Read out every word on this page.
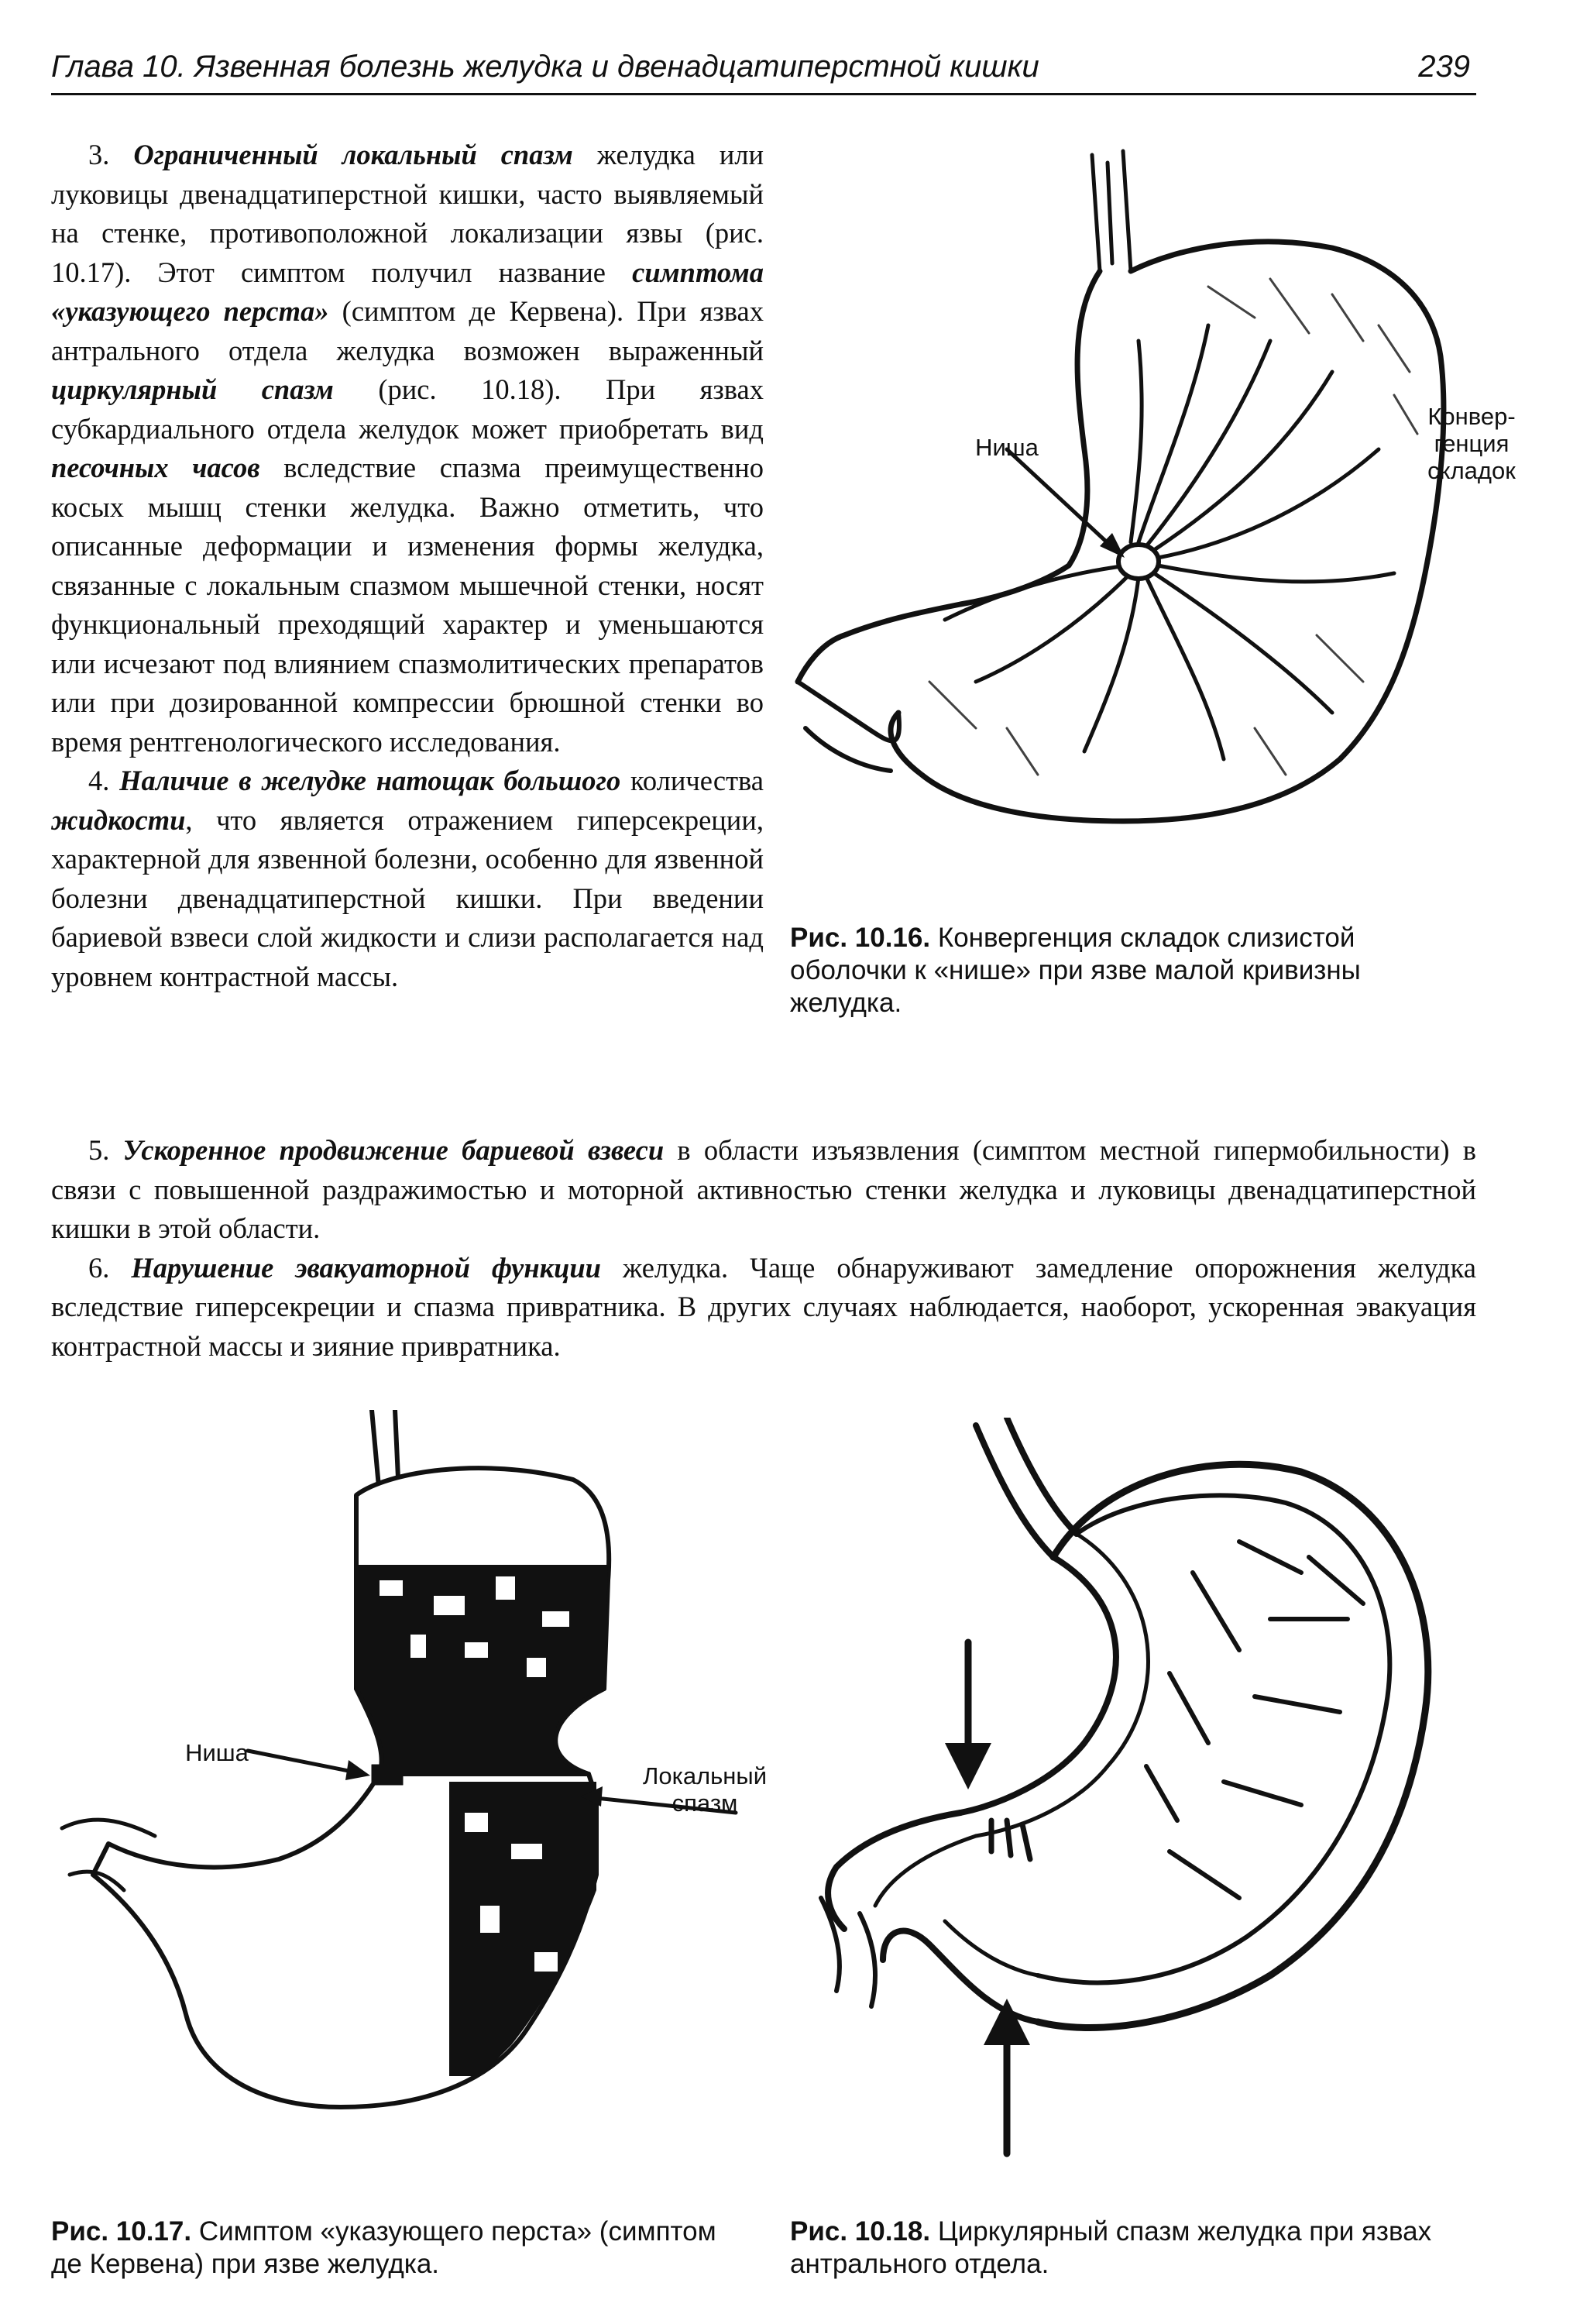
Глава 10. Язвенная болезнь желудка и двенадцатиперстной кишки	239

3. Ограниченный локальный спазм желудка или луковицы двенадцатиперстной кишки, часто выявляемый на стенке, противоположной локализации язвы (рис. 10.17). Этот симптом получил название симптома «указующего перста» (симптом де Кервена). При язвах антрального отдела желудка возможен выраженный циркулярный спазм (рис. 10.18). При язвах субкардиального отдела желудок может приобретать вид песочных часов вследствие спазма преимущественно косых мышц стенки желудка. Важно отметить, что описанные деформации и изменения формы желудка, связанные с локальным спазмом мышечной стенки, носят функциональный преходящий характер и уменьшаются или исчезают под влиянием спазмолитических препаратов или при дозированной компрессии брюшной стенки во время рентгенологического исследования.

4. Наличие в желудке натощак большого количества жидкости, что является отражением гиперсекреции, характерной для язвенной болезни, особенно для язвенной болезни двенадцатиперстной кишки. При введении бариевой взвеси слой жидкости и слизи располагается над уровнем контрастной массы.

5. Ускоренное продвижение бариевой взвеси в области изъязвления (симптом местной гипермобильности) в связи с повышенной раздражимостью и моторной активностью стенки желудка и луковицы двенадцатиперстной кишки в этой области.

6. Нарушение эвакуаторной функции желудка. Чаще обнаруживают замедление опорожнения желудка вследствие гиперсекреции и спазма привратника. В других случаях наблюдается, наоборот, ускоренная эвакуация контрастной массы и зияние привратника.

Ниша
Конвер-
генция
складок
Рис. 10.16. Конвергенция складок слизистой оболочки к «нише» при язве малой кривизны желудка.
Ниша
Локальный
спазм
Рис. 10.17. Симптом «указующего перста» (симптом де Кервена) при язве желудка.
Рис. 10.18. Циркулярный спазм желудка при язвах антрального отдела.
